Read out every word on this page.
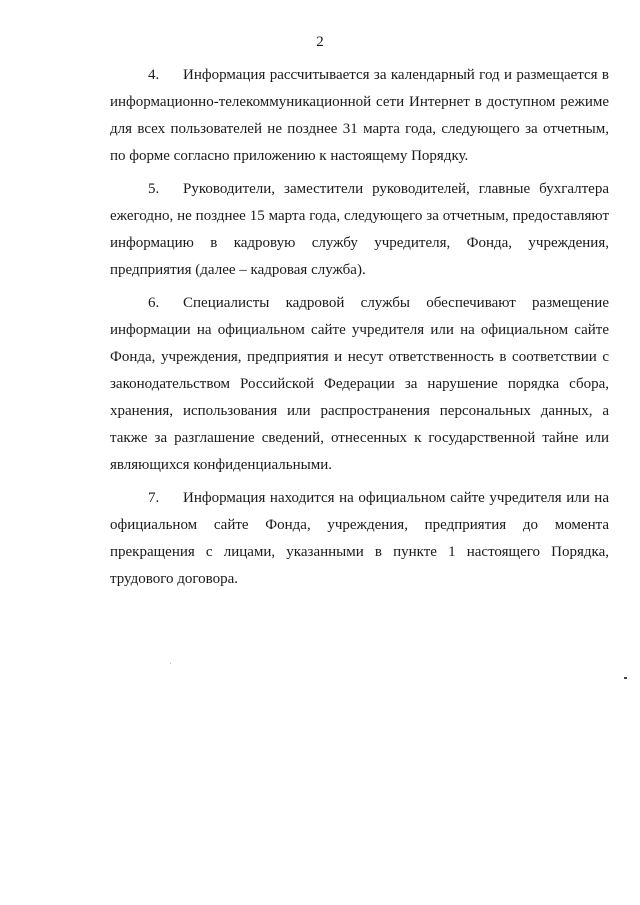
2

4. Информация рассчитывается за календарный год и размещается в информационно-телекоммуникационной сети Интернет в доступном режиме для всех пользователей не позднее 31 марта года, следующего за отчетным, по форме согласно приложению к настоящему Порядку.

5. Руководители, заместители руководителей, главные бухгалтера ежегодно, не позднее 15 марта года, следующего за отчетным, предоставляют информацию в кадровую службу учредителя, Фонда, учреждения, предприятия (далее – кадровая служба).

6. Специалисты кадровой службы обеспечивают размещение информации на официальном сайте учредителя или на официальном сайте Фонда, учреждения, предприятия и несут ответственность в соответствии с законодательством Российской Федерации за нарушение порядка сбора, хранения, использования или распространения персональных данных, а также за разглашение сведений, отнесенных к государственной тайне или являющихся конфиденциальными.

7. Информация находится на официальном сайте учредителя или на официальном сайте Фонда, учреждения, предприятия до момента прекращения с лицами, указанными в пункте 1 настоящего Порядка, трудового договора.
